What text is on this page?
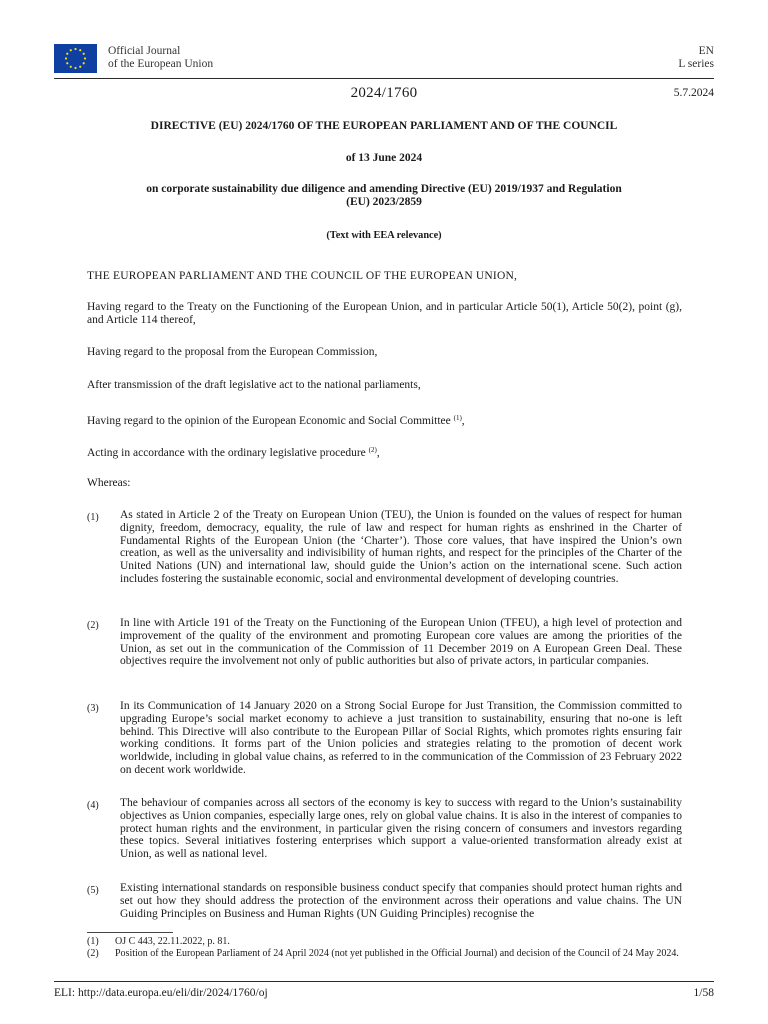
Official Journal
of the European Union
EN
L series
2024/1760	5.7.2024
DIRECTIVE (EU) 2024/1760 OF THE EUROPEAN PARLIAMENT AND OF THE COUNCIL
of 13 June 2024
on corporate sustainability due diligence and amending Directive (EU) 2019/1937 and Regulation
(EU) 2023/2859
(Text with EEA relevance)
THE EUROPEAN PARLIAMENT AND THE COUNCIL OF THE EUROPEAN UNION,
Having regard to the Treaty on the Functioning of the European Union, and in particular Article 50(1), Article 50(2), point (g), and Article 114 thereof,
Having regard to the proposal from the European Commission,
After transmission of the draft legislative act to the national parliaments,
Having regard to the opinion of the European Economic and Social Committee $^{(1)}$,
Acting in accordance with the ordinary legislative procedure $^{(2)}$,
Whereas:
(1) As stated in Article 2 of the Treaty on European Union (TEU), the Union is founded on the values of respect for human dignity, freedom, democracy, equality, the rule of law and respect for human rights as enshrined in the Charter of Fundamental Rights of the European Union (the ‘Charter’). Those core values, that have inspired the Union’s own creation, as well as the universality and indivisibility of human rights, and respect for the principles of the Charter of the United Nations (UN) and international law, should guide the Union’s action on the international scene. Such action includes fostering the sustainable economic, social and environmental development of developing countries.
(2) In line with Article 191 of the Treaty on the Functioning of the European Union (TFEU), a high level of protection and improvement of the quality of the environment and promoting European core values are among the priorities of the Union, as set out in the communication of the Commission of 11 December 2019 on A European Green Deal. These objectives require the involvement not only of public authorities but also of private actors, in particular companies.
(3) In its Communication of 14 January 2020 on a Strong Social Europe for Just Transition, the Commission committed to upgrading Europe’s social market economy to achieve a just transition to sustainability, ensuring that no-one is left behind. This Directive will also contribute to the European Pillar of Social Rights, which promotes rights ensuring fair working conditions. It forms part of the Union policies and strategies relating to the promotion of decent work worldwide, including in global value chains, as referred to in the communication of the Commission of 23 February 2022 on decent work worldwide.
(4) The behaviour of companies across all sectors of the economy is key to success with regard to the Union’s sustainability objectives as Union companies, especially large ones, rely on global value chains. It is also in the interest of companies to protect human rights and the environment, in particular given the rising concern of consumers and investors regarding these topics. Several initiatives fostering enterprises which support a value-oriented transformation already exist at Union, as well as national level.
(5) Existing international standards on responsible business conduct specify that companies should protect human rights and set out how they should address the protection of the environment across their operations and value chains. The UN Guiding Principles on Business and Human Rights (UN Guiding Principles) recognise the
(1) OJ C 443, 22.11.2022, p. 81.
(2) Position of the European Parliament of 24 April 2024 (not yet published in the Official Journal) and decision of the Council of 24 May 2024.
ELI: http://data.europa.eu/eli/dir/2024/1760/oj	1/58
